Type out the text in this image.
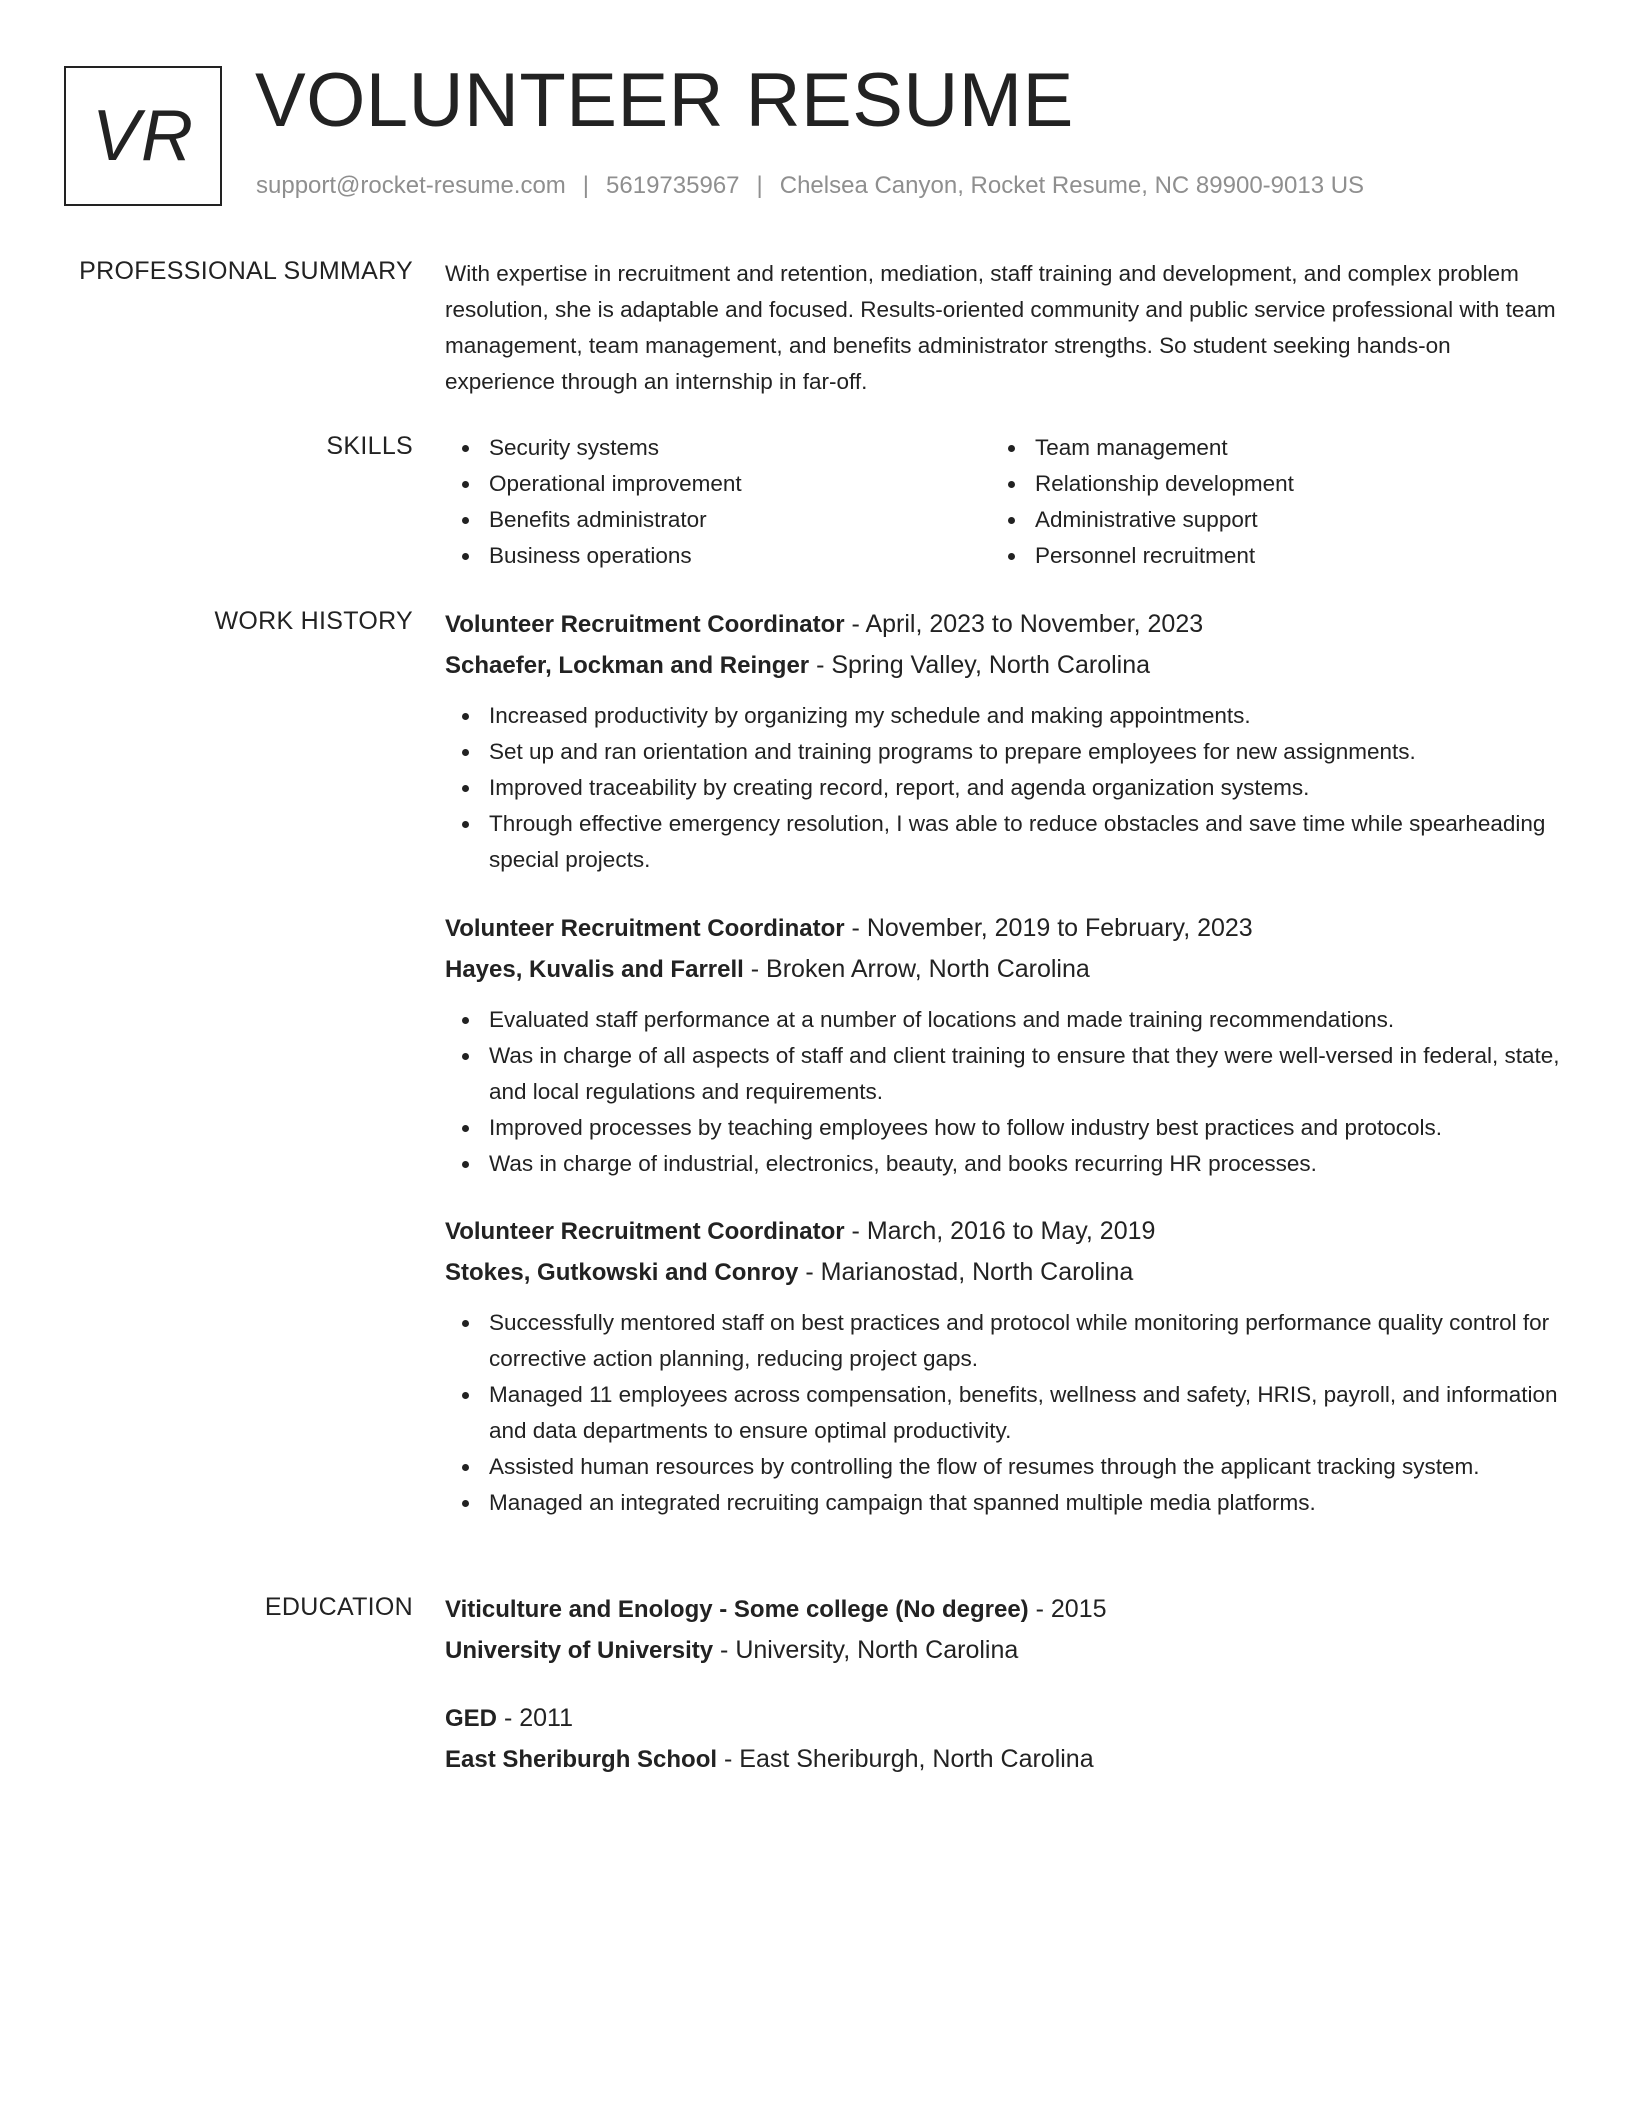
VR VOLUNTEER RESUME
support@rocket-resume.com | 5619735967 | Chelsea Canyon, Rocket Resume, NC 89900-9013 US
PROFESSIONAL SUMMARY With expertise in recruitment and retention, mediation, staff training and development, and complex problem resolution, she is adaptable and focused. Results-oriented community and public service professional with team management, team management, and benefits administrator strengths. So student seeking hands-on experience through an internship in far-off.

SKILLS	Security systems
Operational improvement
Benefits administrator
Business operations
Team management
Relationship development
Administrative support
Personnel recruitment
WORK HISTORY Volunteer Recruitment Coordinator - April, 2023 to November, 2023
Schaefer, Lockman and Reinger - Spring Valley, North Carolina
Increased productivity by organizing my schedule and making appointments.
Set up and ran orientation and training programs to prepare employees for new assignments.
Improved traceability by creating record, report, and agenda organization systems.
Through effective emergency resolution, I was able to reduce obstacles and save time while spearheading special projects.
Volunteer Recruitment Coordinator - November, 2019 to February, 2023
Hayes, Kuvalis and Farrell - Broken Arrow, North Carolina
Evaluated staff performance at a number of locations and made training recommendations.
Was in charge of all aspects of staff and client training to ensure that they were well-versed in federal, state, and local regulations and requirements.
Improved processes by teaching employees how to follow industry best practices and protocols.
Was in charge of industrial, electronics, beauty, and books recurring HR processes.
Volunteer Recruitment Coordinator - March, 2016 to May, 2019
Stokes, Gutkowski and Conroy - Marianostad, North Carolina
Successfully mentored staff on best practices and protocol while monitoring performance quality control for corrective action planning, reducing project gaps.
Managed 11 employees across compensation, benefits, wellness and safety, HRIS, payroll, and information and data departments to ensure optimal productivity.
Assisted human resources by controlling the flow of resumes through the applicant tracking system.
Managed an integrated recruiting campaign that spanned multiple media platforms.
EDUCATION Viticulture and Enology - Some college (No degree) - 2015
University of University - University, North Carolina
GED - 2011
East Sheriburgh School - East Sheriburgh, North Carolina
